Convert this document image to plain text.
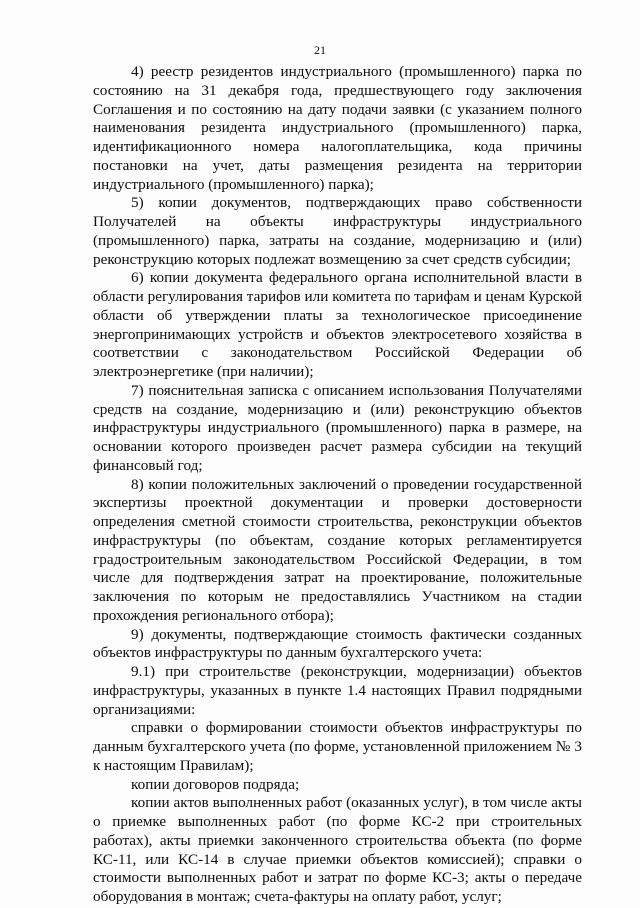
21

4) реестр резидентов индустриального (промышленного) парка по состоянию на 31 декабря года, предшествующего году заключения Соглашения и по состоянию на дату подачи заявки (с указанием полного наименования резидента индустриального (промышленного) парка, идентификационного номера налогоплательщика, кода причины постановки на учет, даты размещения резидента на территории индустриального (промышленного) парка);

5) копии документов, подтверждающих право собственности Получателей на объекты инфраструктуры индустриального (промышленного) парка, затраты на создание, модернизацию и (или) реконструкцию которых подлежат возмещению за счет средств субсидии;

6) копии документа федерального органа исполнительной власти в области регулирования тарифов или комитета по тарифам и ценам Курской области об утверждении платы за технологическое присоединение энергопринимающих устройств и объектов электросетевого хозяйства в соответствии с законодательством Российской Федерации об электроэнергетике (при наличии);

7) пояснительная записка с описанием использования Получателями средств на создание, модернизацию и (или) реконструкцию объектов инфраструктуры индустриального (промышленного) парка в размере, на основании которого произведен расчет размера субсидии на текущий финансовый год;

8) копии положительных заключений о проведении государственной экспертизы проектной документации и проверки достоверности определения сметной стоимости строительства, реконструкции объектов инфраструктуры (по объектам, создание которых регламентируется градостроительным законодательством Российской Федерации, в том числе для подтверждения затрат на проектирование, положительные заключения по которым не предоставлялись Участником на стадии прохождения регионального отбора);

9) документы, подтверждающие стоимость фактически созданных объектов инфраструктуры по данным бухгалтерского учета:

9.1) при строительстве (реконструкции, модернизации) объектов инфраструктуры, указанных в пункте 1.4 настоящих Правил подрядными организациями:

справки о формировании стоимости объектов инфраструктуры по данным бухгалтерского учета (по форме, установленной приложением № 3 к настоящим Правилам);

копии договоров подряда;

копии актов выполненных работ (оказанных услуг), в том числе акты о приемке выполненных работ (по форме КС-2 при строительных работах), акты приемки законченного строительства объекта (по форме КС-11, или КС-14 в случае приемки объектов комиссией); справки о стоимости выполненных работ и затрат по форме КС-3; акты о передаче оборудования в монтаж; счета-фактуры на оплату работ, услуг;
